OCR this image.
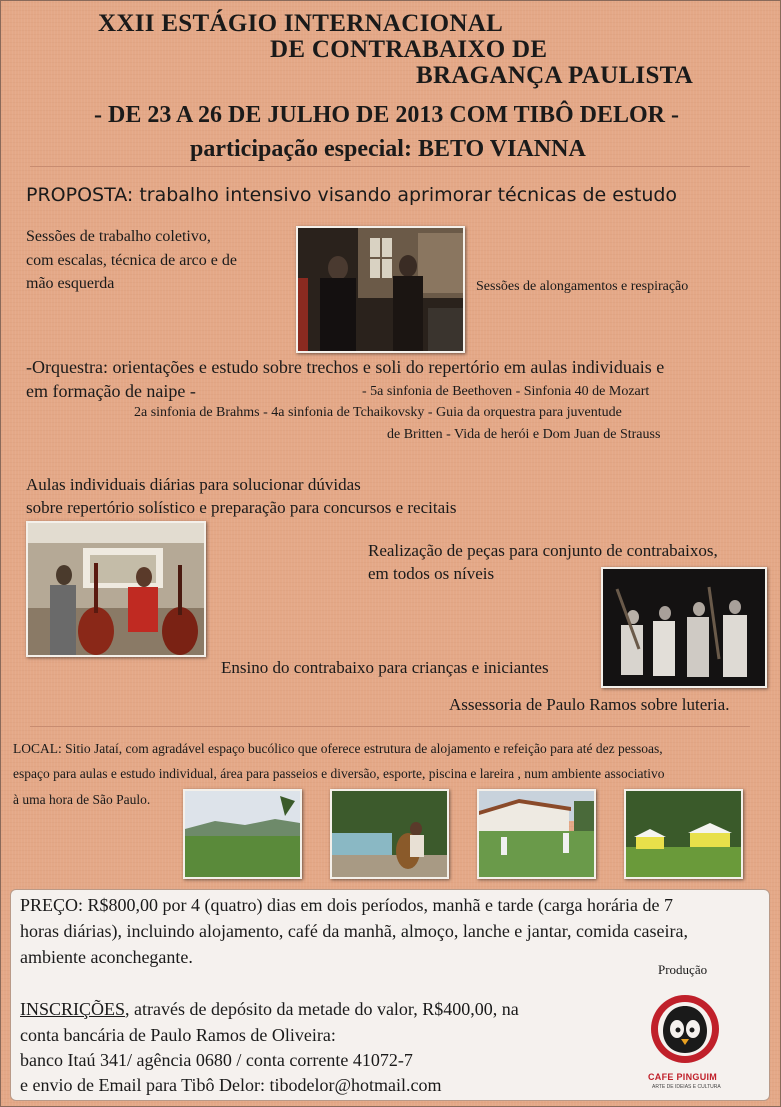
XXII ESTÁGIO INTERNACIONAL
DE CONTRABAIXO DE
BRAGANÇA PAULISTA
- DE 23 A 26 DE JULHO DE 2013 COM TIBÔ DELOR -
participação especial: BETO VIANNA
PROPOSTA: trabalho intensivo visando aprimorar técnicas de estudo
Sessões de trabalho coletivo,
com escalas, técnica de arco e de
mão esquerda	Sessões de alongamentos e respiração
-Orquestra: orientações e estudo sobre trechos e soli do repertório em aulas individuais e
em formação de naipe -	- 5a sinfonia de Beethoven - Sinfonia 40 de Mozart
2a sinfonia de Brahms - 4a sinfonia de Tchaikovsky - Guia da orquestra para juventude
de Britten - Vida de herói e Dom Juan de Strauss
Aulas individuais diárias para solucionar dúvidas
sobre repertório solístico e preparação para concursos e recitais
Realização de peças para conjunto de contrabaixos,
em todos os níveis
Ensino do contrabaixo para crianças e iniciantes
Assessoria de Paulo Ramos sobre luteria.
LOCAL: Sitio Jataí, com agradável espaço bucólico que oferece estrutura de alojamento e refeição para até dez pessoas,
espaço para aulas e estudo individual, área para passeios e diversão, esporte, piscina e lareira , num ambiente associativo
à uma hora de São Paulo.
PREÇO: R$800,00 por 4 (quatro) dias em dois períodos, manhã e tarde (carga horária de 7
horas diárias), incluindo alojamento, café da manhã, almoço, lanche e jantar, comida caseira,
ambiente aconchegante.
INSCRIÇÕES, através de depósito da metade do valor, R$400,00, na
conta bancária de Paulo Ramos de Oliveira:
banco Itaú 341/ agência 0680 / conta corrente 41072-7
e envio de Email para Tibô Delor: tibodelor@hotmail.com
Produção
CAFE PINGUIM
ARTE DE IDEIAS E CULTURA
